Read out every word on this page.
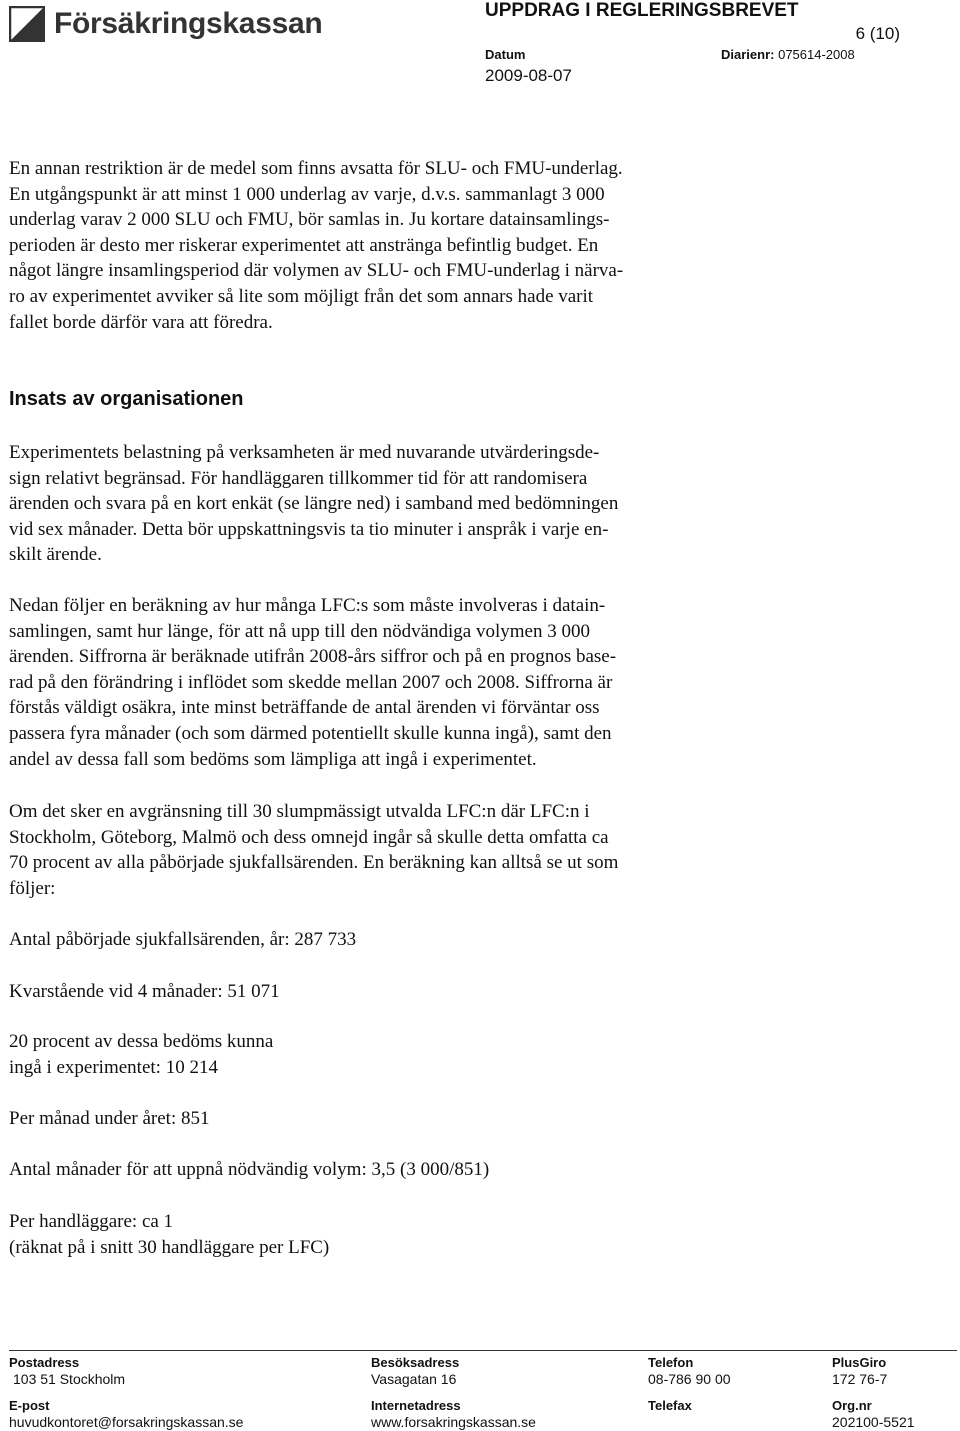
Försäkringskassan	UPPDRAG I REGLERINGSBREVET
6 (10)
Datum
2009-08-07
Diarienr: 075614-2008
En annan restriktion är de medel som finns avsatta för SLU- och FMU-underlag.
En utgångspunkt är att minst 1 000 underlag av varje, d.v.s. sammanlagt 3 000
underlag varav 2 000 SLU och FMU, bör samlas in. Ju kortare datainsamlings-
perioden är desto mer riskerar experimentet att anstränga befintlig budget. En
något längre insamlingsperiod där volymen av SLU- och FMU-underlag i närva-
ro av experimentet avviker så lite som möjligt från det som annars hade varit
fallet borde därför vara att föredra.
Insats av organisationen
Experimentets belastning på verksamheten är med nuvarande utvärderingsde-
sign relativt begränsad. För handläggaren tillkommer tid för att randomisera
ärenden och svara på en kort enkät (se längre ned) i samband med bedömningen
vid sex månader. Detta bör uppskattningsvis ta tio minuter i anspråk i varje en-
skilt ärende.
Nedan följer en beräkning av hur många LFC:s som måste involveras i datain-
samlingen, samt hur länge, för att nå upp till den nödvändiga volymen 3 000
ärenden. Siffrorna är beräknade utifrån 2008-års siffror och på en prognos base-
rad på den förändring i inflödet som skedde mellan 2007 och 2008. Siffrorna är
förstås väldigt osäkra, inte minst beträffande de antal ärenden vi förväntar oss
passera fyra månader (och som därmed potentiellt skulle kunna ingå), samt den
andel av dessa fall som bedöms som lämpliga att ingå i experimentet.
Om det sker en avgränsning till 30 slumpmässigt utvalda LFC:n där LFC:n i
Stockholm, Göteborg, Malmö och dess omnejd ingår så skulle detta omfatta ca
70 procent av alla påbörjade sjukfallsärenden. En beräkning kan alltså se ut som
följer:
Antal påbörjade sjukfallsärenden, år: 287 733
Kvarstående vid 4 månader: 51 071
20 procent av dessa bedöms kunna
ingå i experimentet: 10 214
Per månad under året: 851
Antal månader för att uppnå nödvändig volym: 3,5 (3 000/851)
Per handläggare: ca 1
(räknat på i snitt 30 handläggare per LFC)
Postadress
103 51 Stockholm
Besöksadress
Vasagatan 16
Telefon
08-786 90 00
PlusGiro
172 76-7
E-post
huvudkontoret@forsakringskassan.se
Internetadress
www.forsakringskassan.se
Telefax	Org.nr
202100-5521
